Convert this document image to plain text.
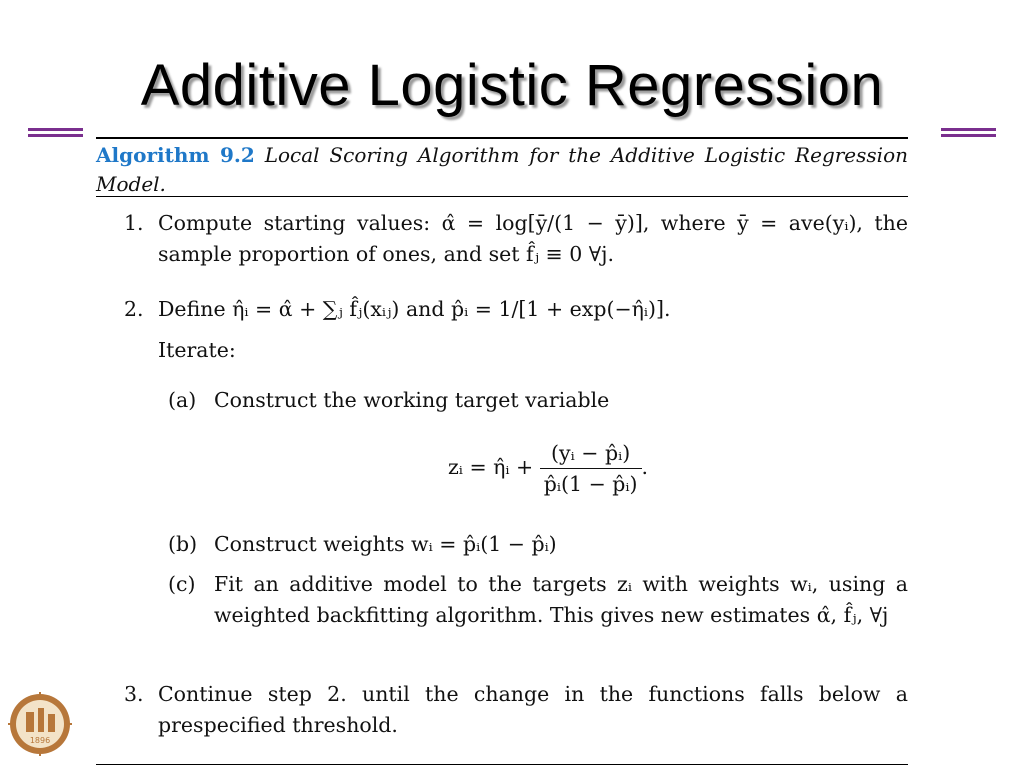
Additive Logistic Regression
Algorithm 9.2 Local Scoring Algorithm for the Additive Logistic Regression Model.
1. Compute starting values: α̂ = log[ȳ/(1 − ȳ)], where ȳ = ave(yᵢ), the sample proportion of ones, and set f̂ⱼ ≡ 0 ∀j.
2. Define η̂ᵢ = α̂ + ∑ⱼ f̂ⱼ(xᵢⱼ) and p̂ᵢ = 1/[1 + exp(−η̂ᵢ)].
Iterate:
(a) Construct the working target variable
zᵢ = η̂ᵢ + $\frac{\text{(yᵢ − p̂ᵢ)}}{\text{p̂ᵢ(1 − p̂ᵢ)}}$ .
(b) Construct weights wᵢ = p̂ᵢ(1 − p̂ᵢ)
(c) Fit an additive model to the targets zᵢ with weights wᵢ, using a weighted backfitting algorithm. This gives new estimates α̂, f̂ⱼ, ∀j
3. Continue step 2. until the change in the functions falls below a prespecified threshold.
1896
